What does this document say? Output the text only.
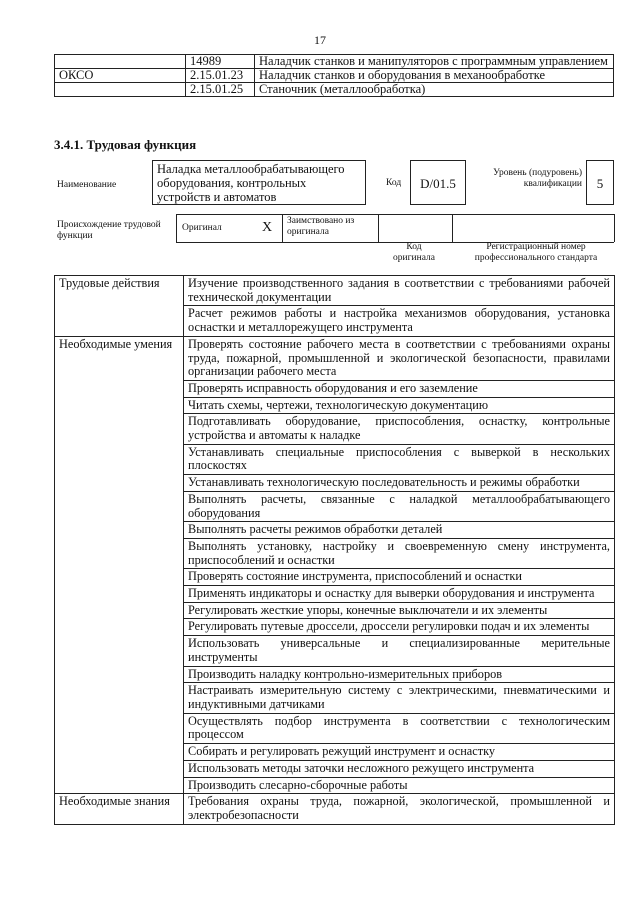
17
	14989	Наладчик станков и манипуляторов с программным управлением
ОКСО	2.15.01.23	Наладчик станков и оборудования в механообработке
	2.15.01.25	Станочник (металлообработка)
3.4.1. Трудовая функция
Наименование
Наладка металлообрабатывающего оборудования, контрольных устройств и автоматов
Код	D/01.5
Уровень (подуровень) квалификации	5
Происхождение трудовой функции
Оригинал	X Заимствовано из оригинала
Код оригинала
Регистрационный номер профессионального стандарта
Трудовые действия	Изучение производственного задания в соответствии с требованиями рабочей технической документации
	Расчет режимов работы и настройка механизмов оборудования, установка оснастки и металлорежущего инструмента
Необходимые умения	Проверять состояние рабочего места в соответствии с требованиями охраны труда, пожарной, промышленной и экологической безопасности, правилами организации рабочего места
	Проверять исправность оборудования и его заземление
	Читать схемы, чертежи, технологическую документацию
	Подготавливать оборудование, приспособления, оснастку, контрольные устройства и автоматы к наладке
	Устанавливать специальные приспособления с выверкой в нескольких плоскостях
	Устанавливать технологическую последовательность и режимы обработки
	Выполнять расчеты, связанные с наладкой металлообрабатывающего оборудования
	Выполнять расчеты режимов обработки деталей
	Выполнять установку, настройку и своевременную смену инструмента, приспособлений и оснастки
	Проверять состояние инструмента, приспособлений и оснастки
	Применять индикаторы и оснастку для выверки оборудования и инструмента
	Регулировать жесткие упоры, конечные выключатели и их элементы
	Регулировать путевые дроссели, дроссели регулировки подач и их элементы
	Использовать универсальные и специализированные мерительные инструменты
	Производить наладку контрольно-измерительных приборов
	Настраивать измерительную систему с электрическими, пневматическими и индуктивными датчиками
	Осуществлять подбор инструмента в соответствии с технологическим процессом
	Собирать и регулировать режущий инструмент и оснастку
	Использовать методы заточки несложного режущего инструмента
	Производить слесарно-сборочные работы
Необходимые знания	Требования охраны труда, пожарной, экологической, промышленной и электробезопасности
